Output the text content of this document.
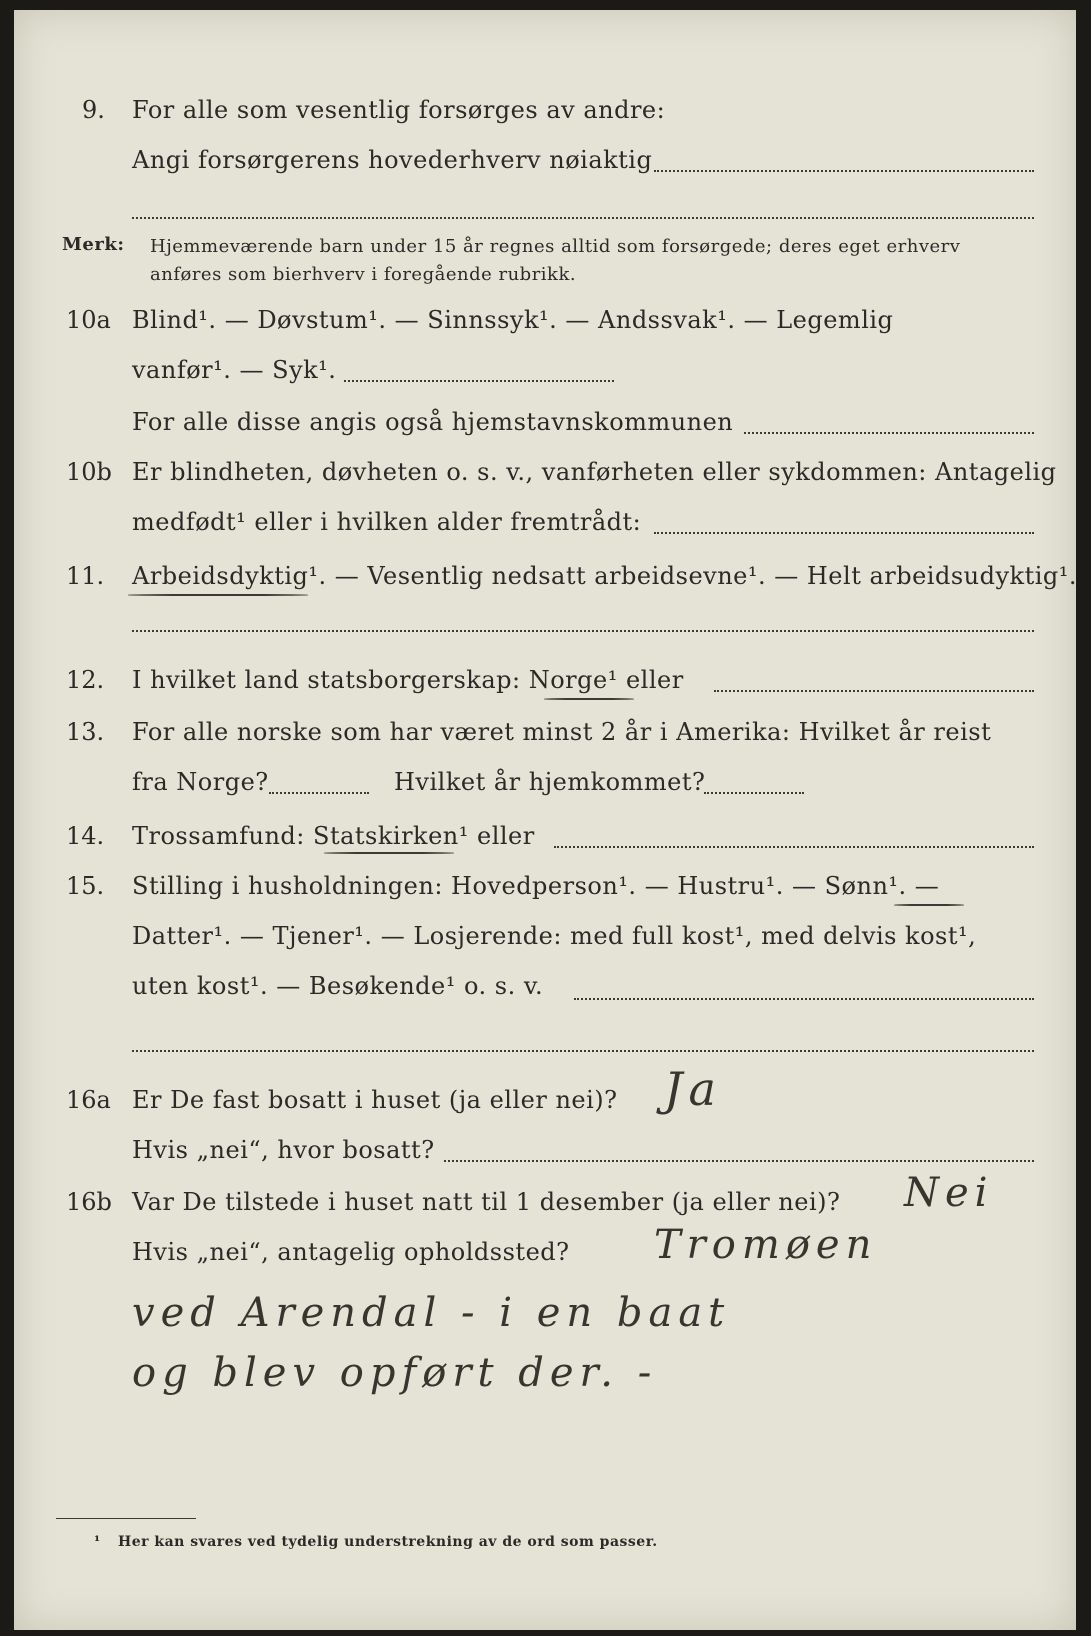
9. For alle som vesentlig forsørges av andre:
Angi forsørgerens hovederhverv nøiaktig
Merk: Hjemmeværende barn under 15 år regnes alltid som forsørgede; deres eget erhverv
anføres som bierhverv i foregående rubrikk.
10a Blind¹. — Døvstum¹. — Sinnssyk¹. — Andssvak¹. — Legemlig
vanfør¹. — Syk¹.
For alle disse angis også hjemstavnskommunen
10b Er blindheten, døvheten o. s. v., vanførheten eller sykdommen: Antagelig
medfødt¹ eller i hvilken alder fremtrådt:
11. Arbeidsdyktig¹. — Vesentlig nedsatt arbeidsevne¹. — Helt arbeidsudyktig¹.
12. I hvilket land statsborgerskap: Norge¹ eller
13. For alle norske som har været minst 2 år i Amerika: Hvilket år reist
fra Norge?	Hvilket år hjemkommet?
14. Trossamfund: Statskirken¹ eller
15. Stilling i husholdningen: Hovedperson¹. — Hustru¹. — Sønn¹. —
Datter¹. — Tjener¹. — Losjerende: med full kost¹, med delvis kost¹,
uten kost¹. — Besøkende¹ o. s. v.
16a Er De fast bosatt i huset (ja eller nei)? Ja
Hvis „nei“, hvor bosatt?
16b Var De tilstede i huset natt til 1 desember (ja eller nei)? Nei
Hvis „nei“, antagelig opholdssted? Tromøen
ved Arendal - i en baat
og blev opført der. -
¹ Her kan svares ved tydelig understrekning av de ord som passer.
